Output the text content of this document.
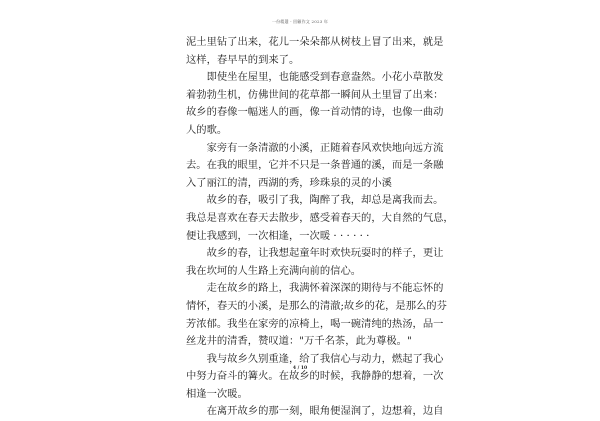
一份精選 - 回顧作文 2023 年
泥土里钻了出来，花儿一朵朵都从树枝上冒了出来，就是
这样，春早早的到来了。
　　即使坐在屋里，也能感受到春意盎然。小花小草散发
着勃勃生机，仿佛世间的花草都一瞬间从土里冒了出来：
故乡的春像一幅迷人的画，像一首动情的诗，也像一曲动
人的歌。
　　家旁有一条清澈的小溪，正随着春风欢快地向远方流
去。在我的眼里，它并不只是一条普通的溪，而是一条融
入了丽江的清，西湖的秀，珍珠泉的灵的小溪
　　故乡的春，吸引了我，陶醉了我，却总是离我而去。
我总是喜欢在春天去散步，感受着春天的，大自然的气息，
便让我感到，一次相逢，一次暖 · · · · · ·
　　故乡的春，让我想起童年时欢快玩耍时的样子，更让
我在坎坷的人生路上充满向前的信心。
　　走在故乡的路上，我满怀着深深的期待与不能忘怀的
情怀，春天的小溪，是那么的清澈;故乡的花，是那么的芬
芳浓郁。我坐在家旁的凉椅上，喝一碗清纯的热汤，品一
丝龙井的清香，赞叹道："万千名茶，此为尊极。"
　　我与故乡久别重逢，给了我信心与动力，燃起了我心
中努力奋斗的篝火。在故乡的时候，我静静的想着，一次
相逢一次暖。
　　在离开故乡的那一刻，眼角便湿润了，边想着，边自
4 / 10
